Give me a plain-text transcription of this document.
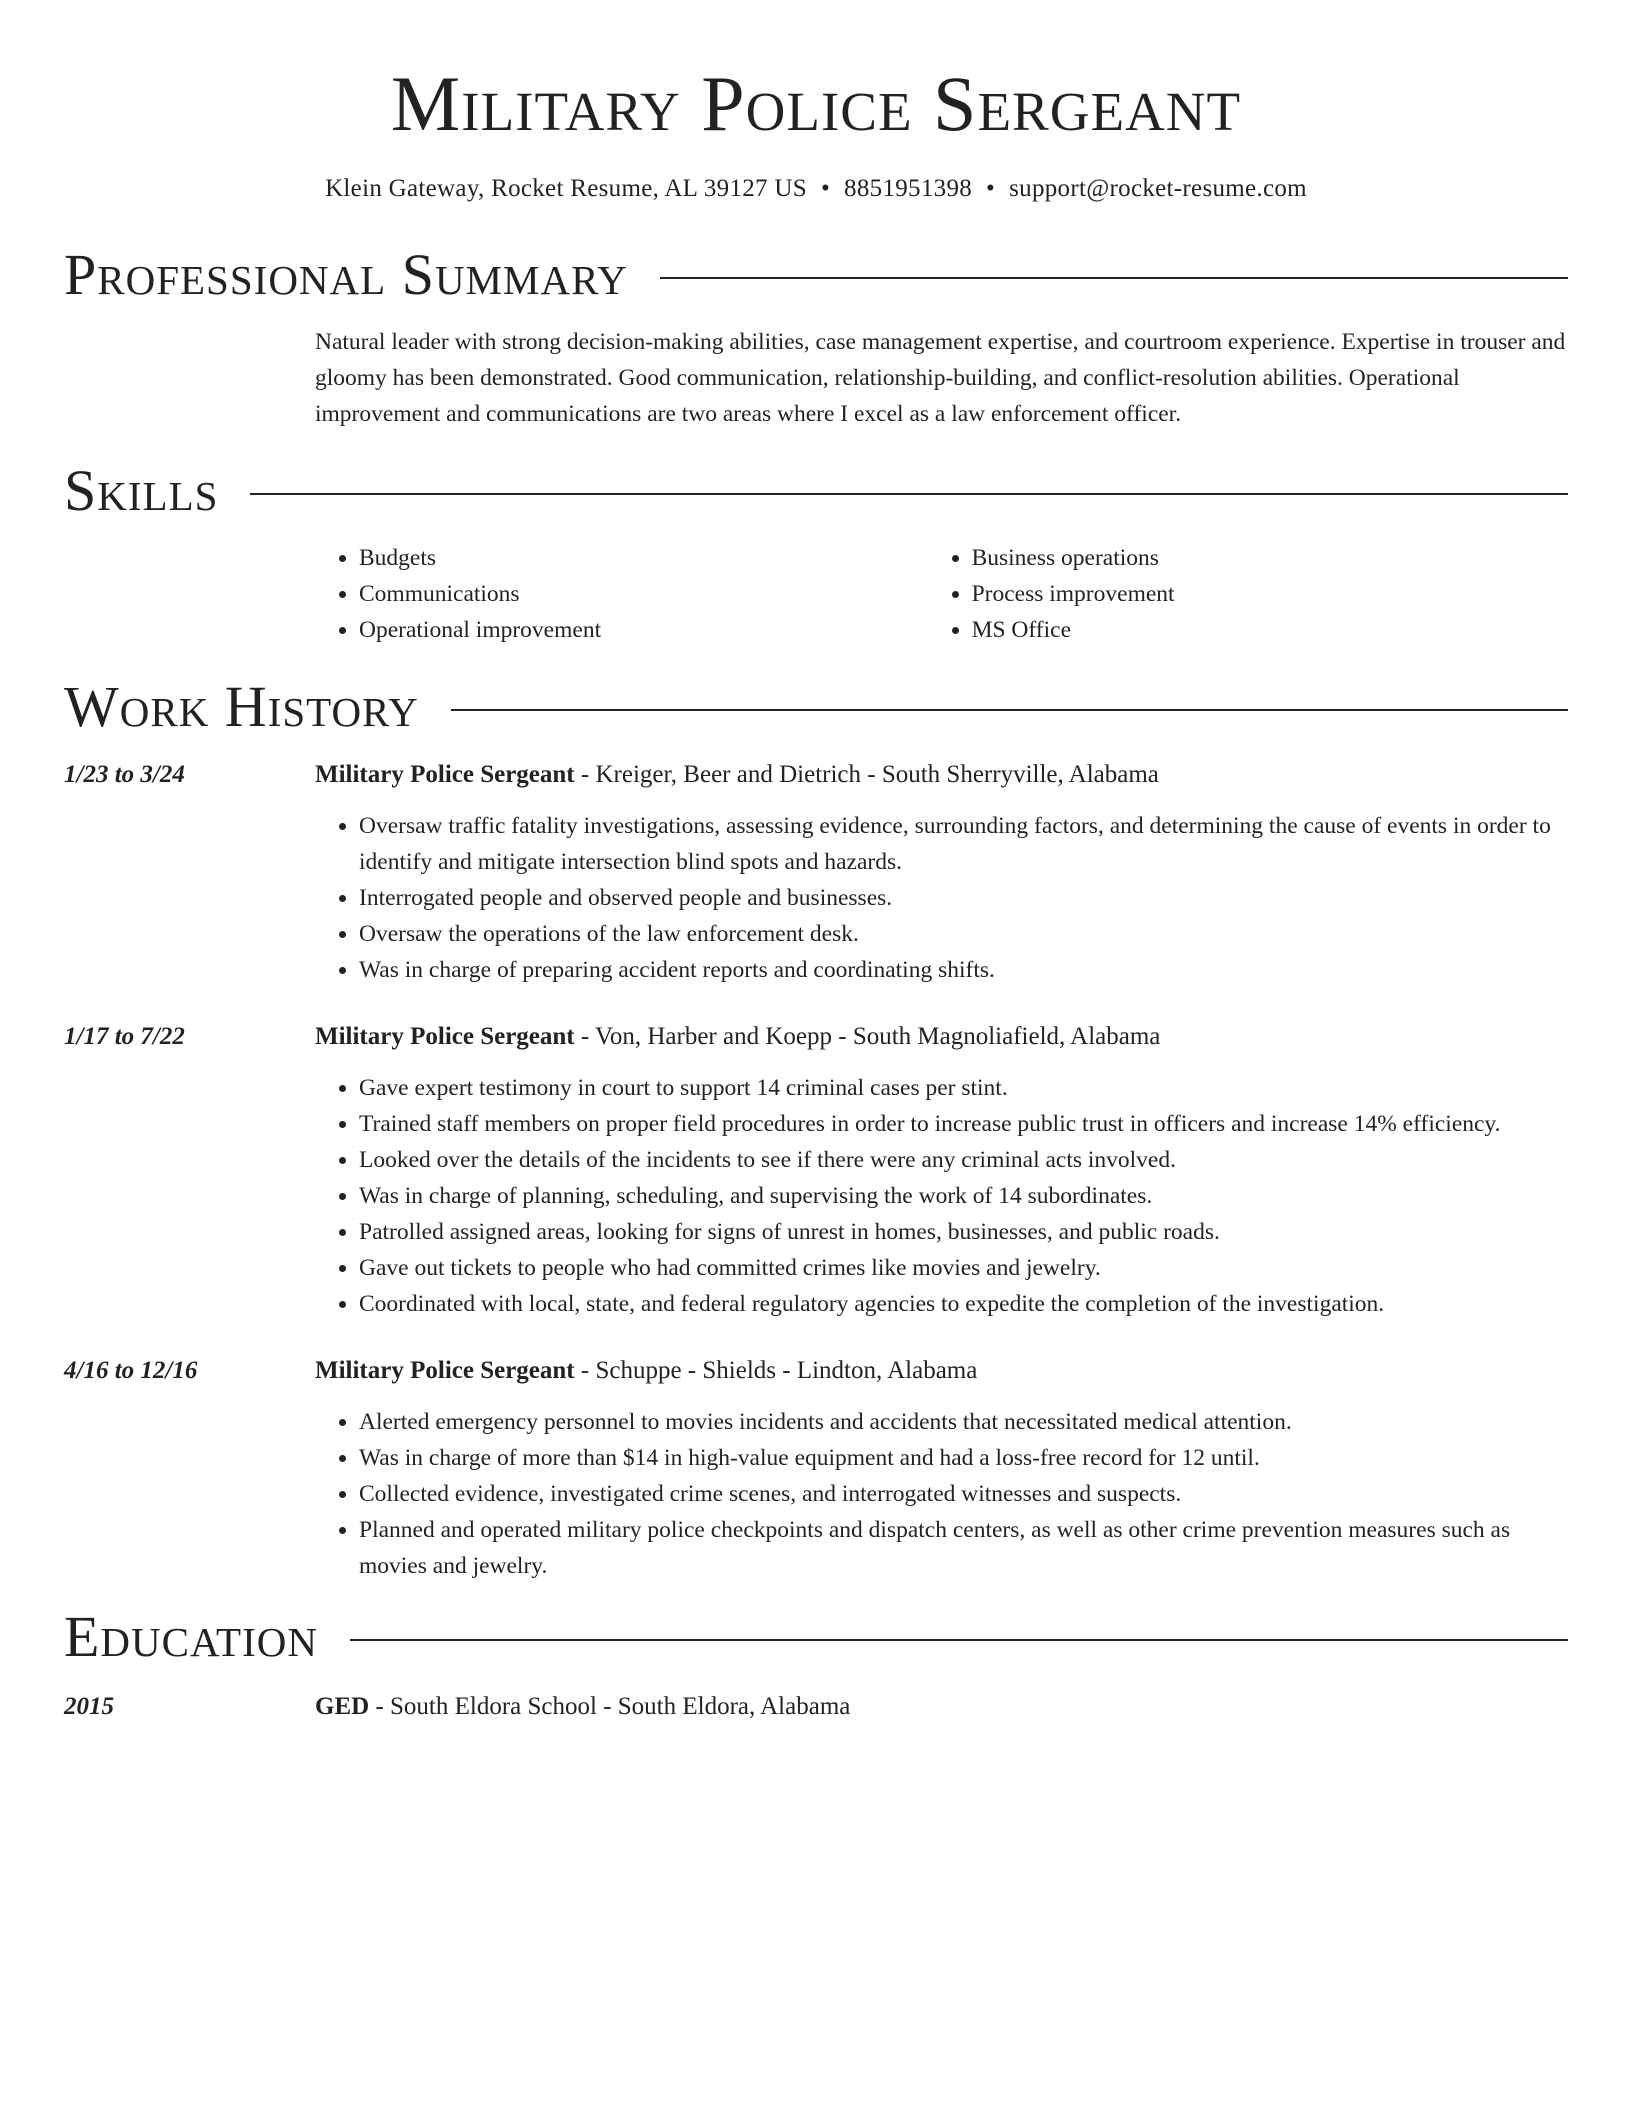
Military Police Sergeant
Klein Gateway, Rocket Resume, AL 39127 US • 8851951398 • support@rocket-resume.com
Professional Summary
Natural leader with strong decision-making abilities, case management expertise, and courtroom experience. Expertise in trouser and gloomy has been demonstrated. Good communication, relationship-building, and conflict-resolution abilities. Operational improvement and communications are two areas where I excel as a law enforcement officer.
Skills
• Budgets
• Communications
• Operational improvement
• Business operations
• Process improvement
• MS Office
Work History
1/23 to 3/24	Military Police Sergeant - Kreiger, Beer and Dietrich - South Sherryville, Alabama
• Oversaw traffic fatality investigations, assessing evidence, surrounding factors, and determining the cause of events in order to identify and mitigate intersection blind spots and hazards.
• Interrogated people and observed people and businesses.
• Oversaw the operations of the law enforcement desk.
• Was in charge of preparing accident reports and coordinating shifts.
1/17 to 7/22	Military Police Sergeant - Von, Harber and Koepp - South Magnoliafield, Alabama
• Gave expert testimony in court to support 14 criminal cases per stint.
• Trained staff members on proper field procedures in order to increase public trust in officers and increase 14% efficiency.
• Looked over the details of the incidents to see if there were any criminal acts involved.
• Was in charge of planning, scheduling, and supervising the work of 14 subordinates.
• Patrolled assigned areas, looking for signs of unrest in homes, businesses, and public roads.
• Gave out tickets to people who had committed crimes like movies and jewelry.
• Coordinated with local, state, and federal regulatory agencies to expedite the completion of the investigation.
4/16 to 12/16	Military Police Sergeant - Schuppe - Shields - Lindton, Alabama
• Alerted emergency personnel to movies incidents and accidents that necessitated medical attention.
• Was in charge of more than $14 in high-value equipment and had a loss-free record for 12 until.
• Collected evidence, investigated crime scenes, and interrogated witnesses and suspects.
• Planned and operated military police checkpoints and dispatch centers, as well as other crime prevention measures such as movies and jewelry.
Education
2015	GED - South Eldora School - South Eldora, Alabama
